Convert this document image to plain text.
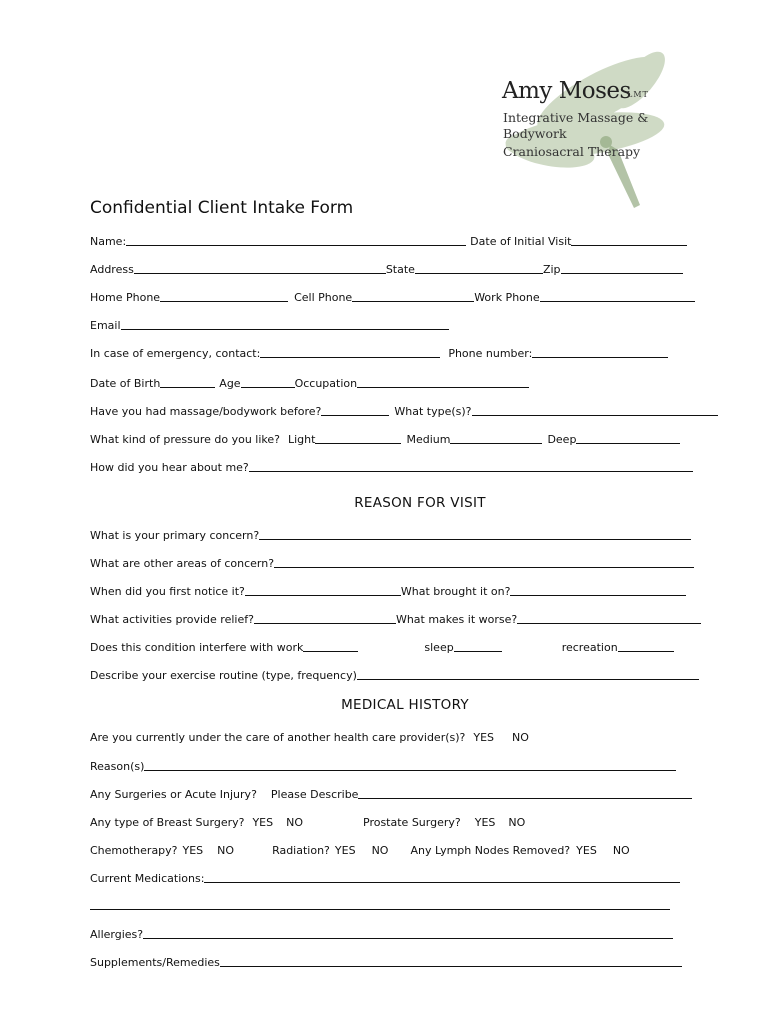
Amy Moses
LMT
Integrative Massage &
Bodywork
Craniosacral Therapy
Confidential Client Intake Form
Name:	Date of Initial Visit
Address	State	Zip
Home Phone	Cell Phone	Work Phone
Email
In case of emergency, contact:	Phone number:
Date of Birth	Age	Occupation
Have you had massage/bodywork before?	What type(s)?
What kind of pressure do you like? Light	Medium	Deep
How did you hear about me?
REASON FOR VISIT
What is your primary concern?
What are other areas of concern?
When did you first notice it?	What brought it on?
What activities provide relief?	What makes it worse?
Does this condition interfere with work	sleep	recreation
Describe your exercise routine (type, frequency)
MEDICAL HISTORY
Are you currently under the care of another health care provider(s)? YES NO
Reason(s)
Any Surgeries or Acute Injury? Please Describe
Any type of Breast Surgery? YES NO	Prostate Surgery? YES NO
Chemotherapy? YES NO	Radiation? YES NO Any Lymph Nodes Removed? YES NO
Current Medications:
Allergies?
Supplements/Remedies
